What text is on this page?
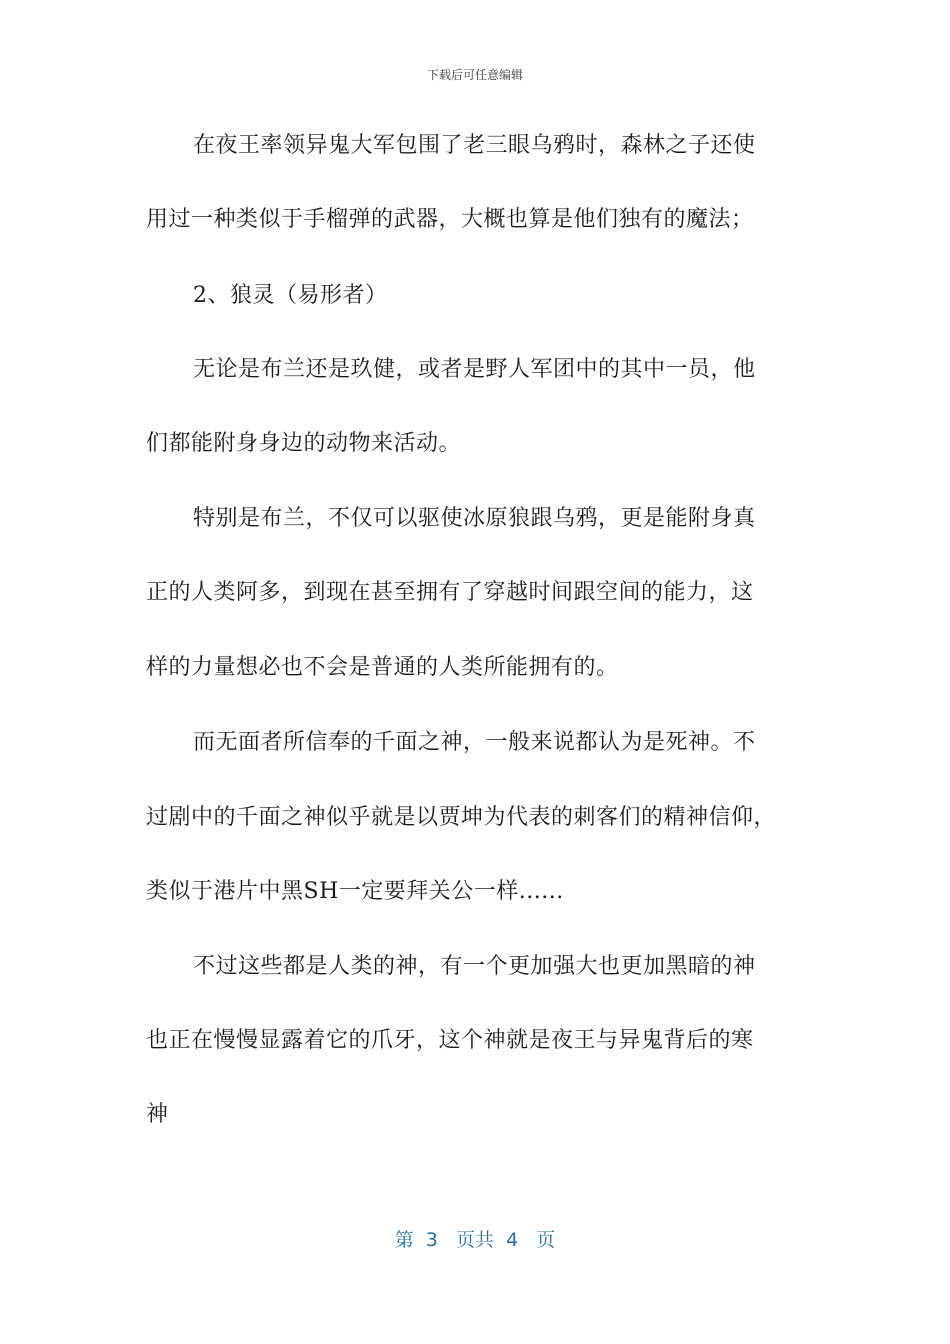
下载后可任意编辑
在夜王率领异鬼大军包围了老三眼乌鸦时，森林之子还使
用过一种类似于手榴弹的武器，大概也算是他们独有的魔法；
2、狼灵（易形者）
无论是布兰还是玖健，或者是野人军团中的其中一员，他
们都能附身身边的动物来活动。
特别是布兰，不仅可以驱使冰原狼跟乌鸦，更是能附身真
正的人类阿多，到现在甚至拥有了穿越时间跟空间的能力，这
样的力量想必也不会是普通的人类所能拥有的。
而无面者所信奉的千面之神，一般来说都认为是死神。不
过剧中的千面之神似乎就是以贾坤为代表的刺客们的精神信仰，
类似于港片中黑SH一定要拜关公一样......
不过这些都是人类的神，有一个更加强大也更加黑暗的神
也正在慢慢显露着它的爪牙，这个神就是夜王与异鬼背后的寒
神
第  3   页共  4   页
